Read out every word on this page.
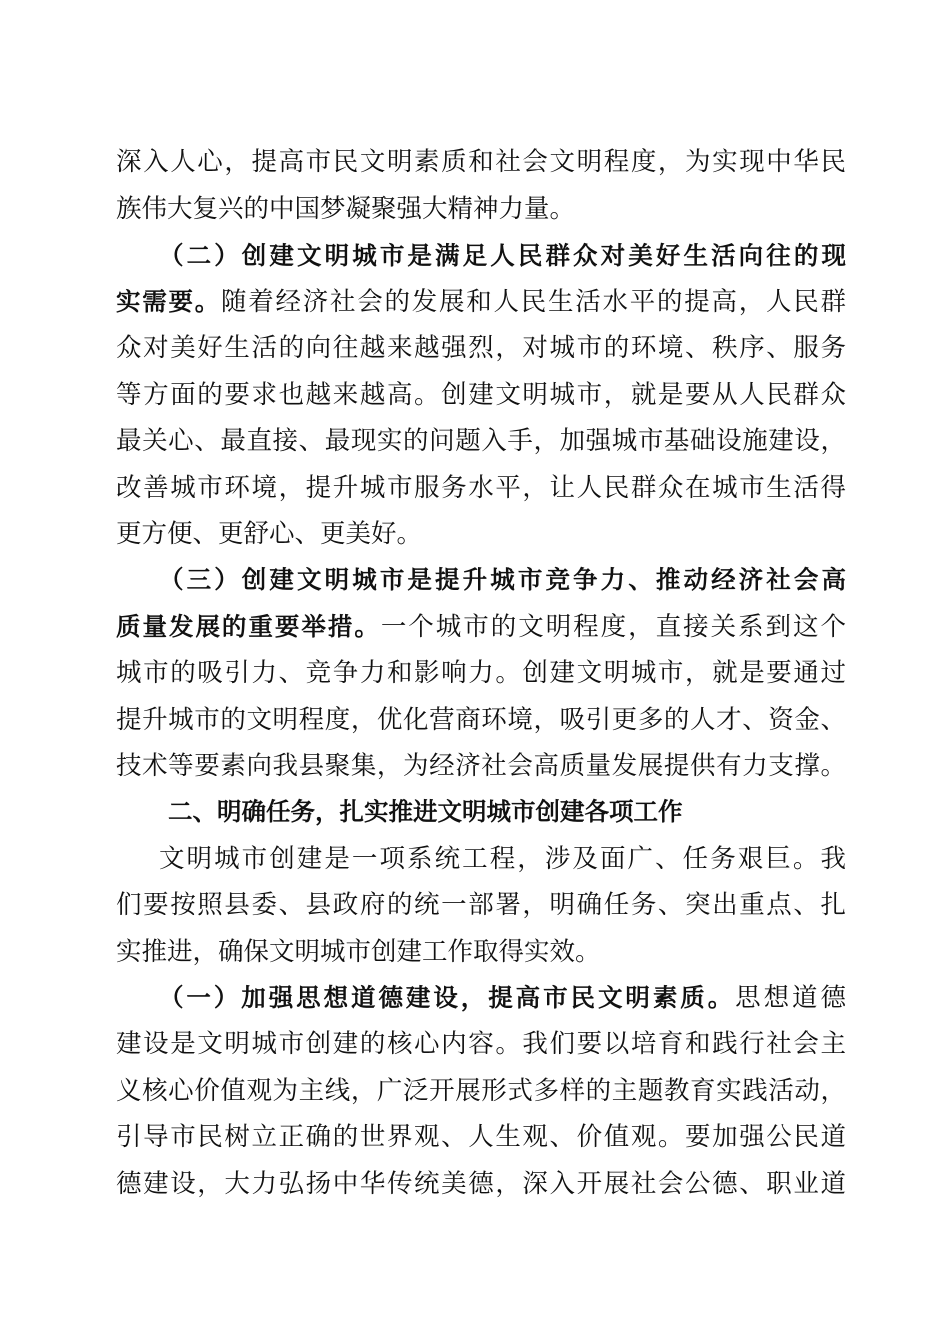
深入人心，提高市民文明素质和社会文明程度，为实现中华民

族伟大复兴的中国梦凝聚强大精神力量。

（二）创建文明城市是满足人民群众对美好生活向往的现

实需要。随着经济社会的发展和人民生活水平的提高，人民群

众对美好生活的向往越来越强烈，对城市的环境、秩序、服务

等方面的要求也越来越高。创建文明城市，就是要从人民群众

最关心、最直接、最现实的问题入手，加强城市基础设施建设，

改善城市环境，提升城市服务水平，让人民群众在城市生活得

更方便、更舒心、更美好。

（三）创建文明城市是提升城市竞争力、推动经济社会高

质量发展的重要举措。一个城市的文明程度，直接关系到这个

城市的吸引力、竞争力和影响力。创建文明城市，就是要通过

提升城市的文明程度，优化营商环境，吸引更多的人才、资金、

技术等要素向我县聚集，为经济社会高质量发展提供有力支撑。

二、明确任务，扎实推进文明城市创建各项工作

文明城市创建是一项系统工程，涉及面广、任务艰巨。我

们要按照县委、县政府的统一部署，明确任务、突出重点、扎

实推进，确保文明城市创建工作取得实效。

（一）加强思想道德建设，提高市民文明素质。思想道德

建设是文明城市创建的核心内容。我们要以培育和践行社会主

义核心价值观为主线，广泛开展形式多样的主题教育实践活动，

引导市民树立正确的世界观、人生观、价值观。要加强公民道

德建设，大力弘扬中华传统美德，深入开展社会公德、职业道
